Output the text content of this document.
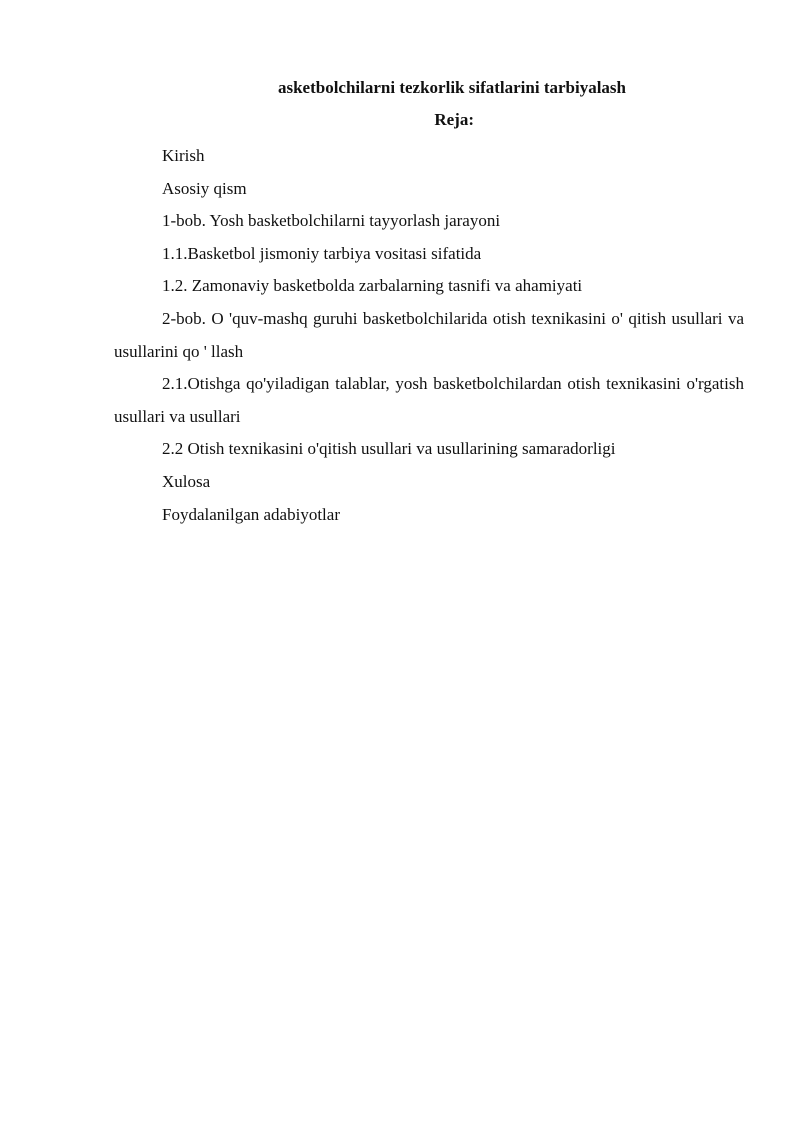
asketbolchilarni tezkorlik sifatlarini tarbiyalash
Reja:
Kirish
Asosiy qism
1-bob. Yosh basketbolchilarni tayyorlash jarayoni
1.1.Basketbol jismoniy tarbiya vositasi sifatida
1.2. Zamonaviy basketbolda zarbalarning tasnifi va ahamiyati
2-bob. O 'quv-mashq guruhi basketbolchilarida otish texnikasini o' qitish usullari va usullarini qo ' llash
2.1.Otishga qo'yiladigan talablar, yosh basketbolchilardan otish texnikasini o'rgatish usullari va usullari
2.2 Otish texnikasini o'qitish usullari va usullarining samaradorligi
Xulosa
Foydalanilgan adabiyotlar
